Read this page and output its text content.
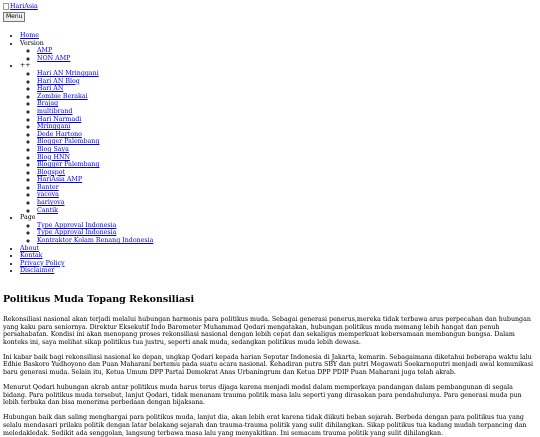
HariAsia
Menu
• Home
• Version
◦ AMP
◦ NON AMP
• ++
◦ Hari AN Mringgani
◦ Hari AN Blog
◦ Hari AN
◦ Zombie Berakai
◦ Brajag
◦ multibrand
◦ Hari Narmadi
◦ Mringgani
◦ Dede Hartono
◦ Blogger Palembang
◦ Blog Saya
◦ Blog HNN
◦ Blogger Palembang
◦ Blogspot
◦ HariAsia AMP
◦ Banter
◦ yacova
◦ hariyova
◦ Cantik
• Page
◦ Type Approval Indonesia
◦ Type Approval Indonesia
◦ Kontraktor Kolam Renang Indonesia
• About
• Kontak
• Privacy Policy
• Disclaimer
Politikus Muda Topang Rekonsiliasi

Rekonsiliasi nasional akan terjadi melalui hubungan harmonis para politikus muda. Sebagai generasi penerus,mereka tidak terbawa arus perpecahan dan hubungan yang kaku para seniornya. Direktur Eksekutif Indo Barometer Muhammad Qodari mengatakan, hubungan politikus muda memang lebih hangat dan penuh persahabatan. Kondisi ini akan menopang proses rekonsiliasi nasional dengan lebih cepat dan sekaligus memperkuat kebersamaan membangun bangsa. Dalam konteks ini, saya melihat sikap politikus tua justru, seperti anak muda, sedangkan politikus muda lebih dewasa.

Ini kabar baik bagi rekonsiliasi nasional ke depan, ungkap Qodari kepada harian Seputar Indonesia di Jakarta, kemarin. Sebagaimana diketahui beberapa waktu lalu Edhie Baskoro Yudhoyono dan Puan Maharani bertemu pada suatu acara nasional. Kehadiran putra SBY dan putri Megawati Soekarnoputri menjadi awal komunikasi baru generasi muda. Selain itu, Ketua Umum DPP Partai Demokrat Anas Urbaningrum dan Ketua DPP PDIP Puan Maharani juga telah akrab.

Menurut Qodari hubungan akrab antar politikus muda harus terus dijaga karena menjadi modal dalam memperkaya pandangan dalam pembangunan di segala bidang. Para politikus muda tersebut, lanjut Qodari, tidak menanam trauma politik masa lalu seperti yang dirasakan para pendahulunya. Para generasi muda pun lebih terbuka dan bisa menerima perbedaan dengan bijaksana.

Hubungan baik dan saling menghargai para politikus muda, lanjut dia, akan lebih erat karena tidak diikuti beban sejarah. Berbeda dengan para politikus tua yang selalu mendasari prilaku politik dengan latar belakang sejarah dan trauma-trauma politik yang sulit dihilangkan. Sikap politikus tua kadang mudah terpancing dan meledakledak. Sedikit ada senggolan, langsung terbawa masa lalu yang menyakitkan. Ini semacam trauma politik yang sulit dihilangkan.
